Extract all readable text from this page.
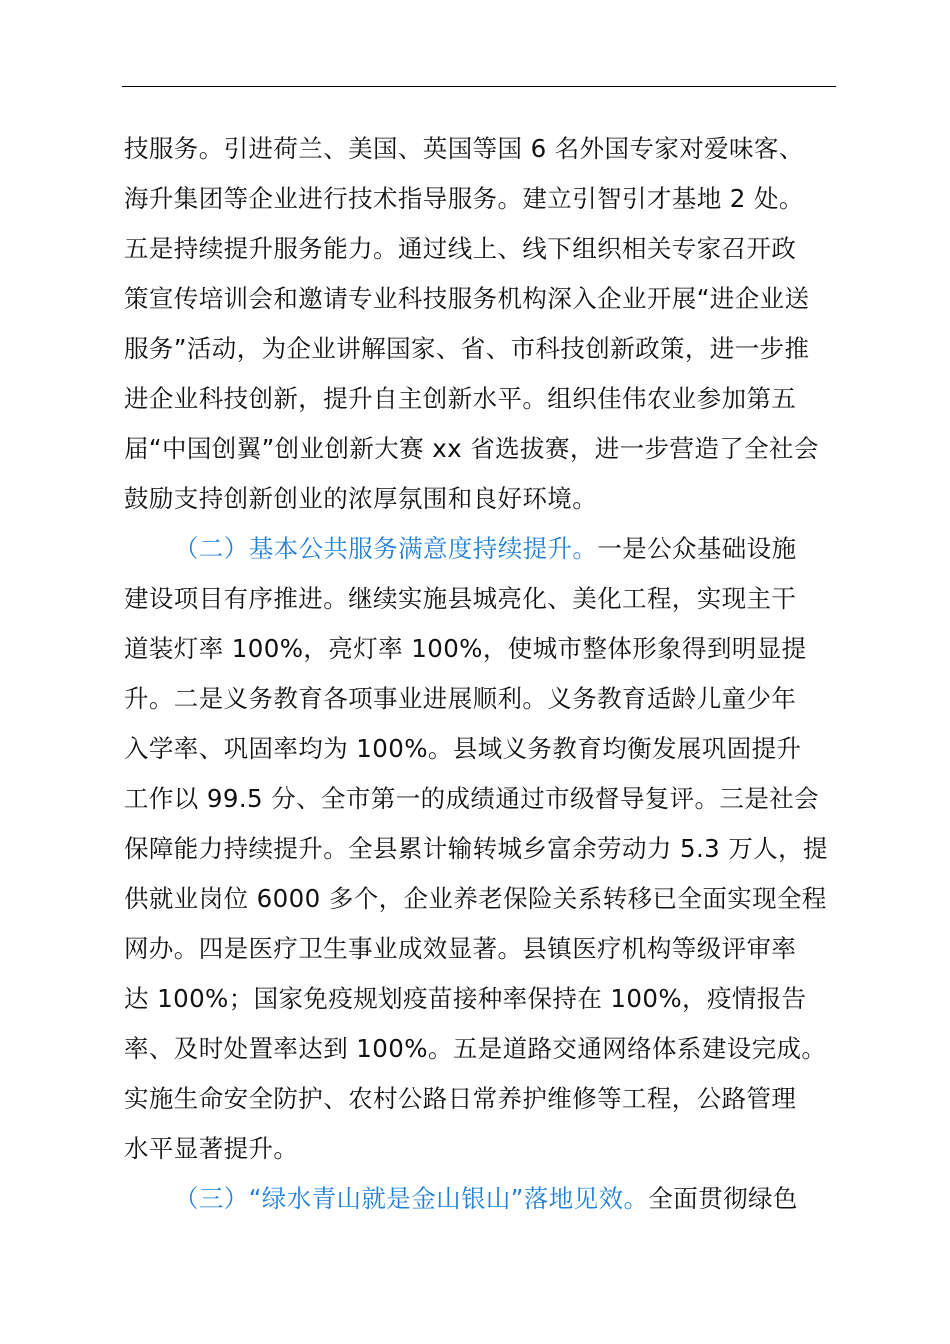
技服务。引进荷兰、美国、英国等国 6 名外国专家对爱味客、
海升集团等企业进行技术指导服务。建立引智引才基地 2 处。
五是持续提升服务能力。通过线上、线下组织相关专家召开政
策宣传培训会和邀请专业科技服务机构深入企业开展“进企业送
服务”活动，为企业讲解国家、省、市科技创新政策，进一步推
进企业科技创新，提升自主创新水平。组织佳伟农业参加第五
届“中国创翼”创业创新大赛 xx 省选拔赛，进一步营造了全社会
鼓励支持创新创业的浓厚氛围和良好环境。
（二）基本公共服务满意度持续提升。一是公众基础设施
建设项目有序推进。继续实施县城亮化、美化工程，实现主干
道装灯率 100%，亮灯率 100%，使城市整体形象得到明显提
升。二是义务教育各项事业进展顺利。义务教育适龄儿童少年
入学率、巩固率均为 100%。县域义务教育均衡发展巩固提升
工作以 99.5 分、全市第一的成绩通过市级督导复评。三是社会
保障能力持续提升。全县累计输转城乡富余劳动力 5.3 万人，提
供就业岗位 6000 多个，企业养老保险关系转移已全面实现全程
网办。四是医疗卫生事业成效显著。县镇医疗机构等级评审率
达 100%；国家免疫规划疫苗接种率保持在 100%，疫情报告
率、及时处置率达到 100%。五是道路交通网络体系建设完成。
实施生命安全防护、农村公路日常养护维修等工程，公路管理
水平显著提升。
（三）“绿水青山就是金山银山”落地见效。全面贯彻绿色
